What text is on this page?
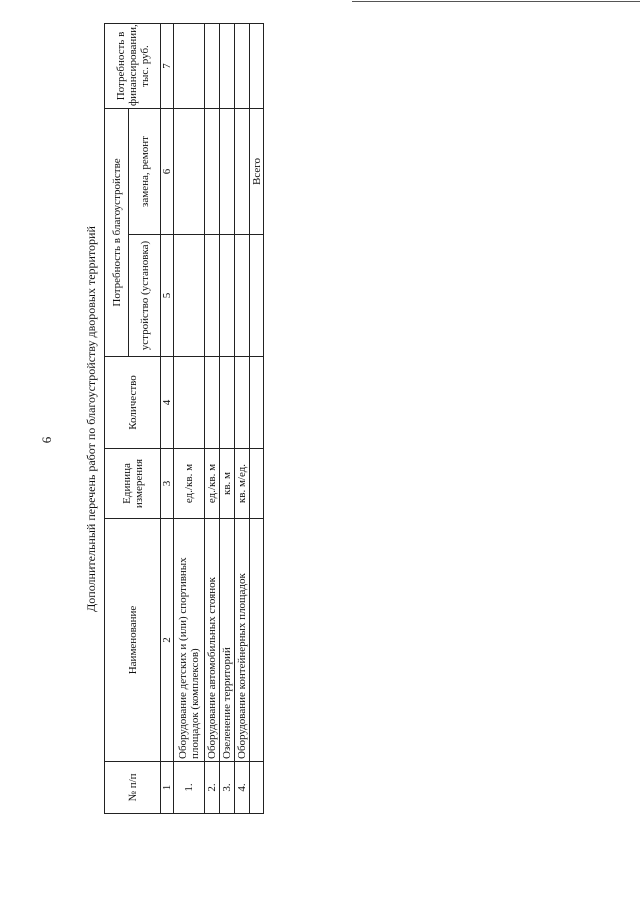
6	Дополнительный перечень работ по благоустройству дворовых территорий
№ п/п	Наименование	Единица измерения	Количество	Потребность в благоустройстве		Потребность в финансировании, тыс. руб.
				устройство (установка)	замена, ремонт	
1	2	3	4	5	6	7
1.	Оборудование детских и (или) спортивных площадок (комплексов)	ед./кв. м				
2.	Оборудование автомобильных стоянок	ед./кв. м				
3.	Озеленение территорий	кв. м				
4.	Оборудование контейнерных площадок	кв. м/ед.				
					Всего	
